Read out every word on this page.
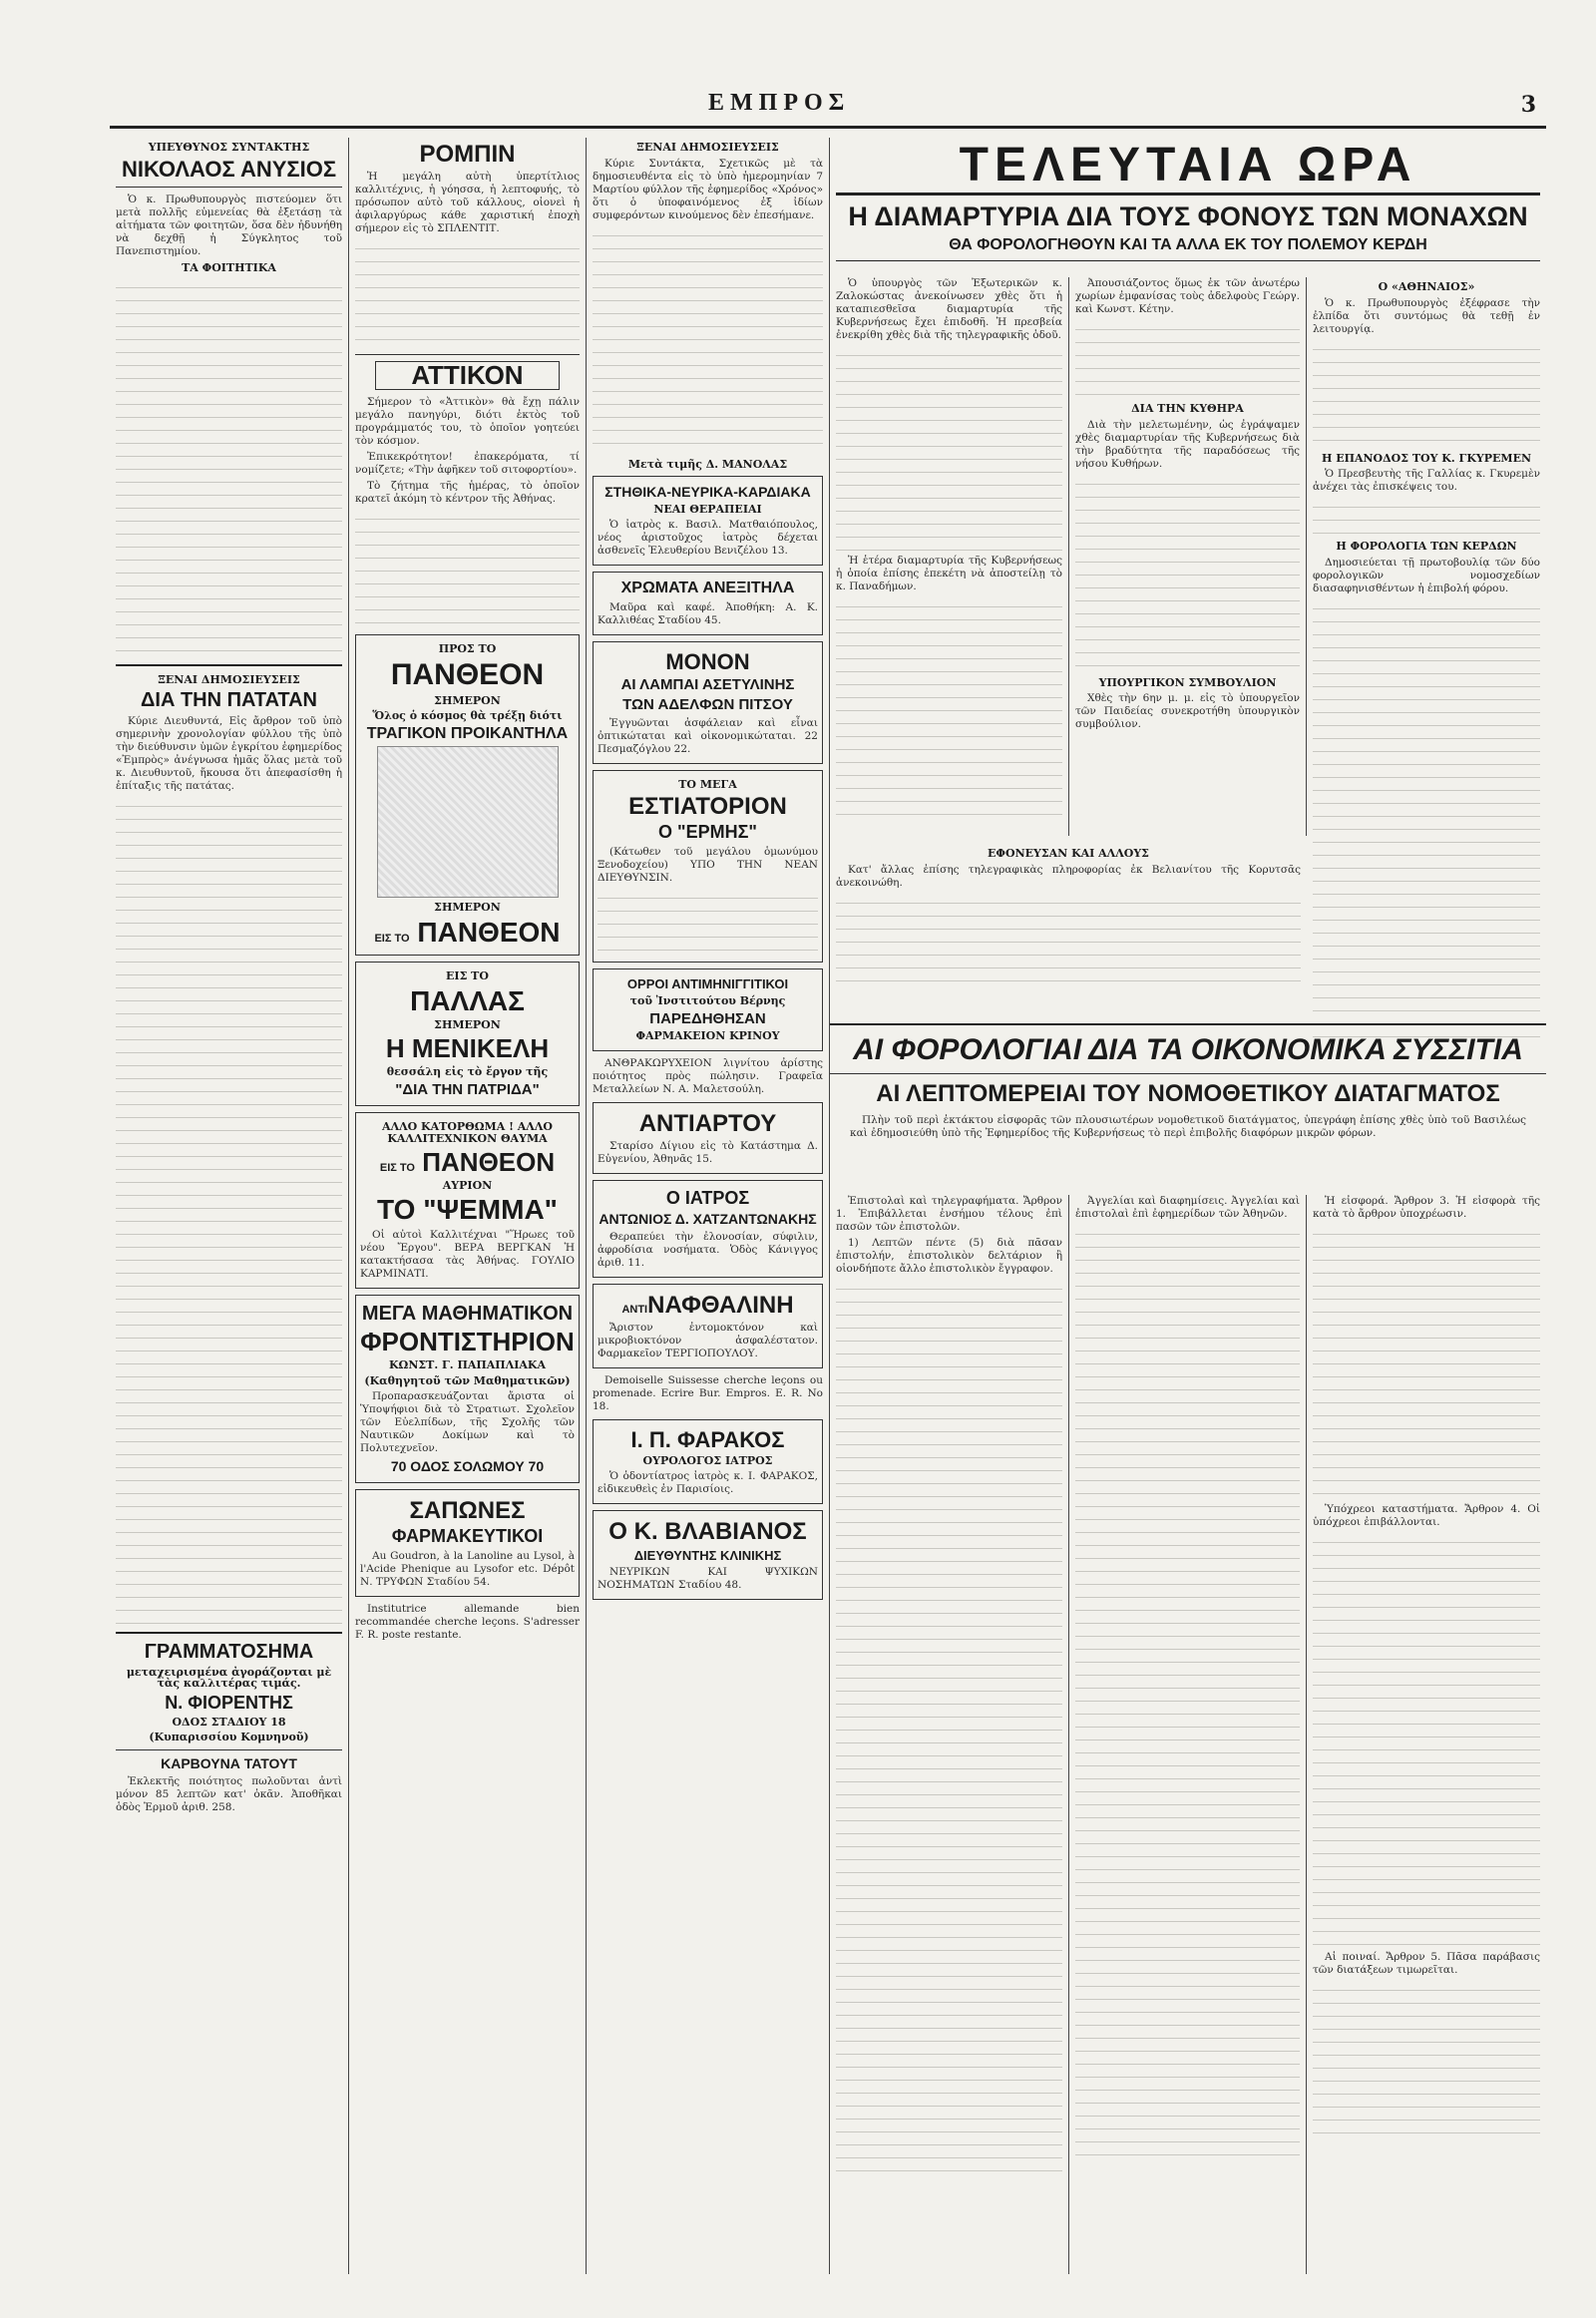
ΕΜΠΡΟΣ	3
ΥΠΕΥΘΥΝΟΣ ΣΥΝΤΑΚΤΗΣ
ΝΙΚΟΛΑΟΣ ΑΝΥΣΙΟΣ

Ὁ κ. Πρωθυπουργὸς πιστεύομεν ὅτι μετὰ πολλῆς εὐμενείας θὰ ἐξετάσῃ τὰ αἰτήματα τῶν φοιτητῶν, ὅσα δὲν ἠδυνήθη νὰ δεχθῇ ἡ Σύγκλητος τοῦ Πανεπιστημίου.

ΤΑ ΦΟΙΤΗΤΙΚΑ
ΞΕΝΑΙ ΔΗΜΟΣΙΕΥΣΕΙΣ
ΔΙΑ ΤΗΝ ΠΑΤΑΤΑΝ

Κύριε Διευθυντά, Εἰς ἄρθρον τοῦ ὑπὸ σημερινὴν χρονολογίαν φύλλου τῆς ὑπὸ τὴν διεύθυνσιν ὑμῶν ἐγκρίτου ἐφημερίδος «Ἐμπρὸς» ἀνέγνωσα ἡμᾶς ὅλας μετὰ τοῦ κ. Διευθυντοῦ, ἤκουσα ὅτι ἀπεφασίσθη ἡ ἐπίταξις τῆς πατάτας.

ΓΡΑΜΜΑΤΟΣΗΜΑ
μεταχειρισμένα ἀγοράζονται μὲ τὰς καλλιτέρας τιμάς.
Ν. ΦΙΟΡΕΝΤΗΣ
ΟΔΟΣ ΣΤΑΔΙΟΥ 18
(Κυπαρισσίου Κομνηνοῦ)
ΚΑΡΒΟΥΝΑ ΤΑΤΟΥΤ

Ἐκλεκτῆς ποιότητος πωλοῦνται ἀντὶ μόνον 85 λεπτῶν κατ' ὀκᾶν. Ἀποθῆκαι ὁδὸς Ἑρμοῦ ἀριθ. 258.

ΡΟΜΠΙΝ

Ἡ μεγάλη αὐτὴ ὑπερτίτλιος καλλιτέχνις, ἡ γόησσα, ἡ λεπτοφυής, τὸ πρόσωπον αὐτὸ τοῦ κάλλους, οἱονεὶ ἡ ἀφιλαργύρως κάθε χαριστική ἐποχὴ σήμερον εἰς τὸ ΣΠΛΕΝΤΙΤ.

ΑΤΤΙΚΟΝ

Σήμερον τὸ «Ἀττικὸν» θὰ ἔχῃ πάλιν μεγάλο πανηγύρι, διότι ἐκτὸς τοῦ προγράμματός του, τὸ ὁποῖον γοητεύει τὸν κόσμον.

Ἐπικεκρότητον! ἐπακερόματα, τί νομίζετε; «Τὴν ἀφῆκεν τοῦ σιτοφορτίου».

Τὸ ζήτημα τῆς ἡμέρας, τὸ ὁποῖον κρατεῖ ἀκόμη τὸ κέντρον τῆς Ἀθήνας.

ΠΡΟΣ ΤΟ
ΠΑΝΘΕΟΝ
ΣΗΜΕΡΟΝ
Ὅλος ὁ κόσμος θὰ τρέξῃ διότι
ΤΡΑΓΙΚΟΝ ΠΡΟΙΚΑΝΤΗΛΑ
ΣΗΜΕΡΟΝ
ΕΙΣ ΤΟ ΠΑΝΘΕΟΝ
ΕΙΣ ΤΟ
ΠΑΛΛΑΣ
ΣΗΜΕΡΟΝ
Η ΜΕΝΙΚΕΛΗ
θεσσάλη εἰς τὸ ἔργον τῆς
"ΔΙΑ ΤΗΝ ΠΑΤΡΙΔΑ"
ΑΛΛΟ ΚΑΤΟΡΘΩΜΑ ! ΑΛΛΟ ΚΑΛΛΙΤΕΧΝΙΚΟΝ ΘΑΥΜΑ
ΕΙΣ ΤΟ ΠΑΝΘΕΟΝ
ΑΥΡΙΟΝ
ΤΟ "ΨΕΜΜΑ"

Οἱ αὐτοὶ Καλλιτέχναι "Ἥρωες τοῦ νέου Ἔργου". ΒΕΡΑ ΒΕΡΓΚΑΝ Ἡ κατακτήσασα τὰς Ἀθήνας. ΓΟΥΛΙΟ ΚΑΡΜΙΝΑΤΙ.

ΜΕΓΑ ΜΑΘΗΜΑΤΙΚΟΝ
ΦΡΟΝΤΙΣΤΗΡΙΟΝ
ΚΩΝΣΤ. Γ. ΠΑΠΑΠΛΙΑΚΑ
(Καθηγητοῦ τῶν Μαθηματικῶν)

Προπαρασκευάζονται ἄριστα οἱ Ὑποψήφιοι διὰ τὸ Στρατιωτ. Σχολεῖον τῶν Εὐελπίδων, τῆς Σχολῆς τῶν Ναυτικῶν Δοκίμων καὶ τὸ Πολυτεχνεῖον.

70 ΟΔΟΣ ΣΟΛΩΜΟΥ 70
ΣΑΠΩΝΕΣ
ΦΑΡΜΑΚΕΥΤΙΚΟΙ

Au Goudron, à la Lanoline au Lysol, à l'Acide Phenique au Lysofor etc. Dépôt Ν. ΤΡΥΦΩΝ Σταδίου 54.

Institutrice allemande bien recommandée cherche leçons. S'adresser F. R. poste restante.

ΞΕΝΑΙ ΔΗΜΟΣΙΕΥΣΕΙΣ

Κύριε Συντάκτα, Σχετικῶς μὲ τὰ δημοσιευθέντα εἰς τὸ ὑπὸ ἡμερομηνίαν 7 Μαρτίου φύλλον τῆς ἐφημερίδος «Χρόνος» ὅτι ὁ ὑποφαινόμενος ἐξ ἰδίων συμφερόντων κινούμενος δὲν ἐπεσήμανε.

Μετὰ τιμῆς Δ. ΜΑΝΟΛΑΣ
ΣΤΗΘΙΚΑ-ΝΕΥΡΙΚΑ-ΚΑΡΔΙΑΚΑ
ΝΕΑΙ ΘΕΡΑΠΕΙΑΙ

Ὁ ἰατρὸς κ. Βασιλ. Ματθαιόπουλος, νέος ἀριστοῦχος ἰατρὸς δέχεται ἀσθενεῖς Ἐλευθερίου Βενιζέλου 13.

ΧΡΩΜΑΤΑ ΑΝΕΞΙΤΗΛΑ

Μαῦρα καὶ καφέ. Ἀποθήκη: Α. Κ. Καλλιθέας Σταδίου 45.

ΜΟΝΟΝ
ΑΙ ΛΑΜΠΑΙ ΑΣΕΤΥΛΙΝΗΣ
ΤΩΝ ΑΔΕΛΦΩΝ ΠΙΤΣΟΥ

Ἐγγυῶνται ἀσφάλειαν καὶ εἶναι ὀπτικώταται καὶ οἰκονομικώταται. 22 Πεσμαζόγλου 22.

ΤΟ ΜΕΓΑ
ΕΣΤΙΑΤΟΡΙΟΝ
Ο "ΕΡΜΗΣ"

(Κάτωθεν τοῦ μεγάλου ὁμωνύμου Ξενοδοχείου) ΥΠΟ ΤΗΝ ΝΕΑΝ ΔΙΕΥΘΥΝΣΙΝ.

ΟΡΡΟΙ ΑΝΤΙΜΗΝΙΓΓΙΤΙΚΟΙ
τοῦ Ἰνστιτούτου Βέρνης
ΠΑΡΕΔΗΘΗΣΑΝ
ΦΑΡΜΑΚΕΙΟΝ ΚΡΙΝΟΥ

ΑΝΘΡΑΚΩΡΥΧΕΙΟΝ λιγνίτου ἀρίστης ποιότητος πρὸς πώλησιν. Γραφεῖα Μεταλλείων Ν. Α. Μαλετσούλη.

ΑΝΤΙΑΡΤΟΥ

Σταρίσο Δίγιου εἰς τὸ Κατάστημα Δ. Εὐγενίου, Ἀθηνᾶς 15.

Ο ΙΑΤΡΟΣ
ΑΝΤΩΝΙΟΣ Δ. ΧΑΤΖΑΝΤΩΝΑΚΗΣ

Θεραπεύει τὴν ἐλονοσίαν, σύφιλιν, ἀφροδίσια νοσήματα. Ὁδὸς Κάνιγγος ἀριθ. 11.

ΑΝΤΙΝΑΦΘΑΛΙΝΗ

Ἄριστον ἐντομοκτόνον καὶ μικροβιοκτόνον ἀσφαλέστατον. Φαρμακεῖον ΤΕΡΓΙΟΠΟΥΛΟΥ.

Demoiselle Suissesse cherche leçons ou promenade. Ecrire Bur. Empros. E. R. No 18.

Ι. Π. ΦΑΡΑΚΟΣ
ΟΥΡΟΛΟΓΟΣ ΙΑΤΡΟΣ

Ὁ ὁδοντίατρος ἰατρὸς κ. Ι. ΦΑΡΑΚΟΣ, εἰδικευθεὶς ἐν Παρισίοις.

Ο Κ. ΒΛΑΒΙΑΝΟΣ
ΔΙΕΥΘΥΝΤΗΣ ΚΛΙΝΙΚΗΣ

ΝΕΥΡΙΚΩΝ ΚΑΙ ΨΥΧΙΚΩΝ ΝΟΣΗΜΑΤΩΝ Σταδίου 48.

ΤΕΛΕΥΤΑΙΑ ΩΡΑ
Η ΔΙΑΜΑΡΤΥΡΙΑ ΔΙΑ ΤΟΥΣ ΦΟΝΟΥΣ ΤΩΝ ΜΟΝΑΧΩΝ
ΘΑ ΦΟΡΟΛΟΓΗΘΟΥΝ ΚΑΙ ΤΑ ΑΛΛΑ ΕΚ ΤΟΥ ΠΟΛΕΜΟΥ ΚΕΡΔΗ

Ὁ ὑπουργὸς τῶν Ἐξωτερικῶν κ. Ζαλοκώστας ἀνεκοίνωσεν χθὲς ὅτι ἡ καταπιεσθεῖσα διαμαρτυρία τῆς Κυβερνήσεως ἔχει ἐπιδοθῆ. Ἡ πρεσβεία ἐνεκρίθη χθὲς διὰ τῆς τηλεγραφικῆς ὁδοῦ.

Ἡ ἑτέρα διαμαρτυρία τῆς Κυβερνήσεως ἡ ὁποία ἐπίσης ἐπεκέτη νὰ ἀποστείλῃ τὸ κ. Παναδήμων.

Ἀπουσιάζοντος ὅμως ἐκ τῶν ἀνωτέρω χωρίων ἐμφανίσας τοὺς ἀδελφοὺς Γεώργ. καὶ Κωνστ. Κέτην.

ΔΙΑ ΤΗΝ ΚΥΘΗΡΑ

Διὰ τὴν μελετωμένην, ὡς ἐγράψαμεν χθὲς διαμαρτυρίαν τῆς Κυβερνήσεως διὰ τὴν βραδύτητα τῆς παραδόσεως τῆς νήσου Κυθήρων.

ΥΠΟΥΡΓΙΚΟΝ ΣΥΜΒΟΥΛΙΟΝ

Χθὲς τὴν 6ην μ. μ. εἰς τὸ ὑπουργεῖον τῶν Παιδείας συνεκροτήθη ὑπουργικὸν συμβούλιον.

Ο «ΑΘΗΝΑΙΟΣ»

Ὁ κ. Πρωθυπουργὸς ἐξέφρασε τὴν ἐλπίδα ὅτι συντόμως θὰ τεθῇ ἐν λειτουργίᾳ.

Η ΕΠΑΝΟΔΟΣ ΤΟΥ Κ. ΓΚΥΡΕΜΕΝ

Ὁ Πρεσβευτὴς τῆς Γαλλίας κ. Γκυρεμὲν ἀνέχει τὰς ἐπισκέψεις του.

Η ΦΟΡΟΛΟΓΙΑ ΤΩΝ ΚΕΡΔΩΝ

Δημοσιεύεται τῇ πρωτοβουλίᾳ τῶν δύο φορολογικῶν νομοσχεδίων διασαφηνισθέντων ἡ ἐπιβολή φόρου.

ΕΦΟΝΕΥΣΑΝ ΚΑΙ ΑΛΛΟΥΣ

Κατ' ἄλλας ἐπίσης τηλεγραφικὰς πληροφορίας ἐκ Βελιανίτου τῆς Κορυτσᾶς ἀνεκοινώθη.

ΑΙ ΦΟΡΟΛΟΓΙΑΙ ΔΙΑ ΤΑ ΟΙΚΟΝΟΜΙΚΑ ΣΥΣΣΙΤΙΑ
ΑΙ ΛΕΠΤΟΜΕΡΕΙΑΙ ΤΟΥ ΝΟΜΟΘΕΤΙΚΟΥ ΔΙΑΤΑΓΜΑΤΟΣ

Πλὴν τοῦ περὶ ἐκτάκτου εἰσφορᾶς τῶν πλουσιωτέρων νομοθετικοῦ διατάγματος, ὑπεγράφη ἐπίσης χθὲς ὑπὸ τοῦ Βασιλέως καὶ ἐδημοσιεύθη ὑπὸ τῆς Ἐφημερίδος τῆς Κυβερνήσεως τὸ περὶ ἐπιβολῆς διαφόρων μικρῶν φόρων.

Ἐπιστολαὶ καὶ τηλεγραφήματα. Ἄρθρον 1. Ἐπιβάλλεται ἐνσήμου τέλους ἐπὶ πασῶν τῶν ἐπιστολῶν.

1) Λεπτῶν πέντε (5) διὰ πᾶσαν ἐπιστολήν, ἐπιστολικὸν δελτάριον ἢ οἱονδήποτε ἄλλο ἐπιστολικὸν ἔγγραφον.

Ἀγγελίαι καὶ διαφημίσεις. Ἀγγελίαι καὶ ἐπιστολαὶ ἐπὶ ἐφημερίδων τῶν Ἀθηνῶν.

Ἡ εἰσφορά. Ἄρθρον 3. Ἡ εἰσφορὰ τῆς κατὰ τὸ ἄρθρον ὑποχρέωσιν.

Ὑπόχρεοι καταστήματα. Ἄρθρον 4. Οἱ ὑπόχρεοι ἐπιβάλλονται.

Αἱ ποιναί. Ἄρθρον 5. Πᾶσα παράβασις τῶν διατάξεων τιμωρεῖται.
